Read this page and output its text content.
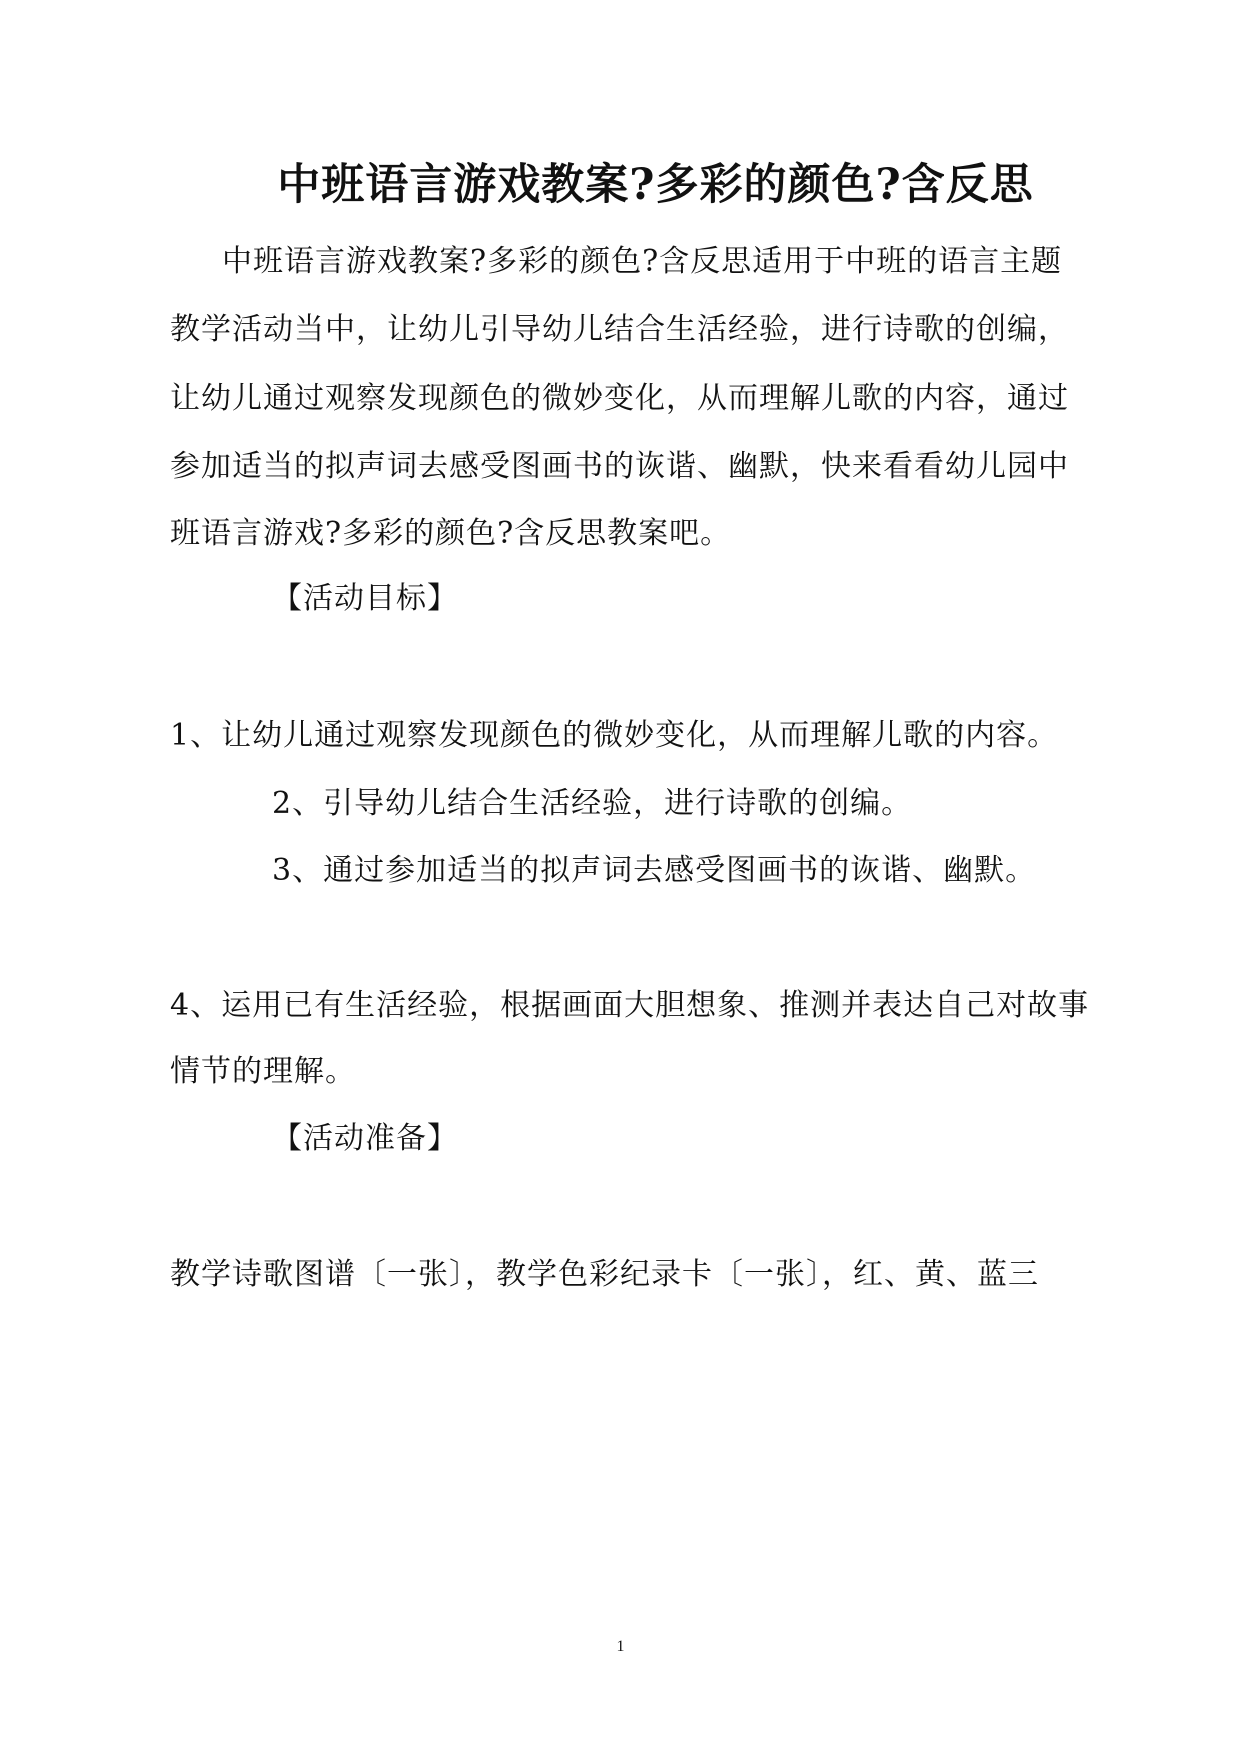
中班语言游戏教案?多彩的颜色?含反思
中班语言游戏教案?多彩的颜色?含反思适用于中班的语言主题
教学活动当中，让幼儿引导幼儿结合生活经验，进行诗歌的创编，
让幼儿通过观察发现颜色的微妙变化，从而理解儿歌的内容，通过
参加适当的拟声词去感受图画书的诙谐、幽默，快来看看幼儿园中
班语言游戏?多彩的颜色?含反思教案吧。
【活动目标】
1、让幼儿通过观察发现颜色的微妙变化，从而理解儿歌的内容。
2、引导幼儿结合生活经验，进行诗歌的创编。
3、通过参加适当的拟声词去感受图画书的诙谐、幽默。
4、运用已有生活经验，根据画面大胆想象、推测并表达自己对故事
情节的理解。
【活动准备】
教学诗歌图谱〔一张〕，教学色彩纪录卡〔一张〕，红、黄、蓝三
1
